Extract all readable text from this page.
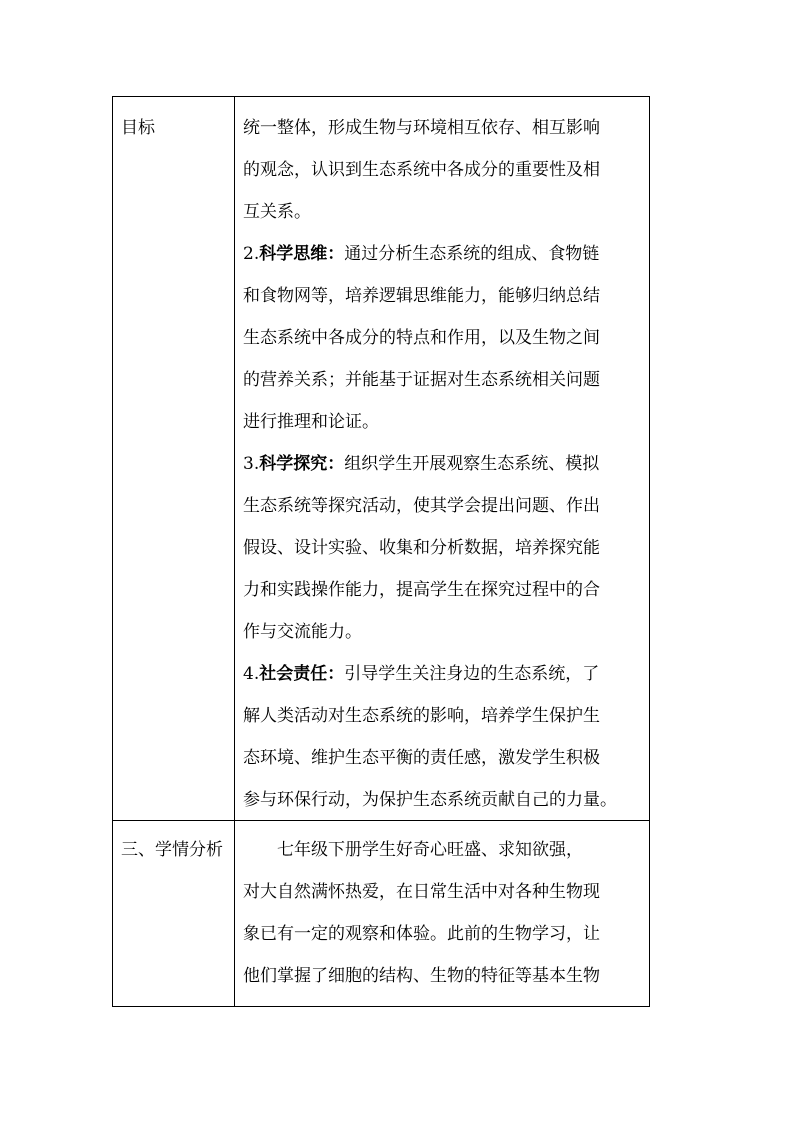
目标	统一整体，形成生物与环境相互依存、相互影响
的观念，认识到生态系统中各成分的重要性及相
互关系。
2.科学思维：通过分析生态系统的组成、食物链
和食物网等，培养逻辑思维能力，能够归纳总结
生态系统中各成分的特点和作用，以及生物之间
的营养关系；并能基于证据对生态系统相关问题
进行推理和论证。
3.科学探究：组织学生开展观察生态系统、模拟
生态系统等探究活动，使其学会提出问题、作出
假设、设计实验、收集和分析数据，培养探究能
力和实践操作能力，提高学生在探究过程中的合
作与交流能力。
4.社会责任：引导学生关注身边的生态系统，了
解人类活动对生态系统的影响，培养学生保护生
态环境、维护生态平衡的责任感，激发学生积极
参与环保行动，为保护生态系统贡献自己的力量。
三、学情分析	七年级下册学生好奇心旺盛、求知欲强，
对大自然满怀热爱，在日常生活中对各种生物现
象已有一定的观察和体验。此前的生物学习，让
他们掌握了细胞的结构、生物的特征等基本生物
